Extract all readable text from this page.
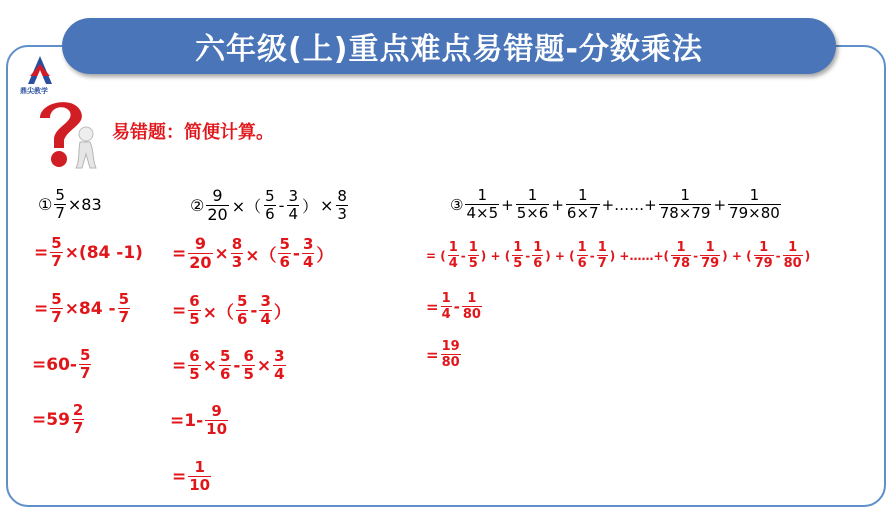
六年级(上)重点难点易错题-分数乘法
鼎尖教学
易错题：简便计算。
① $\frac{5}{7} \times 83$	② $\frac{9}{20}$ ×（ $\frac{5}{6} - \frac{3}{4}$ ） × $\frac{8}{3}$	③ $\frac{1}{4\times 5} + \frac{1}{5\times 6} + \frac{1}{6\times 7}$ +……+ $\frac{1}{78\times 79} + \frac{1}{79\times 80}$
= $\frac{5}{7} \times(84$ -1)
= $\frac{5}{7} \times 84 - \frac{5}{7}$
$=60- \frac{5}{7}$
$=59 \frac{2}{7}$
= $\frac{9}{20} \times \frac{8}{3}$ ×（ $\frac{5}{6} - \frac{3}{4}$ ）
= $\frac{6}{5}$ ×（ $\frac{5}{6} - \frac{3}{4}$ ）
= $\frac{6}{5} \times \frac{5}{6} - \frac{6}{5} \times \frac{3}{4}$
$=1- \frac{9}{10}$
= $\frac{1}{10}$
= ( $\frac{1}{4} - \frac{1}{5}$ ) + ( $\frac{1}{5} - \frac{1}{6}$ ) + ( $\frac{1}{6} - \frac{1}{7}$ ) +……+( $\frac{1}{78} - \frac{1}{79}$ ) + ( $\frac{1}{79} - \frac{1}{80}$ )
= $\frac{1}{4} - \frac{1}{80}$
= $\frac{19}{80}$
